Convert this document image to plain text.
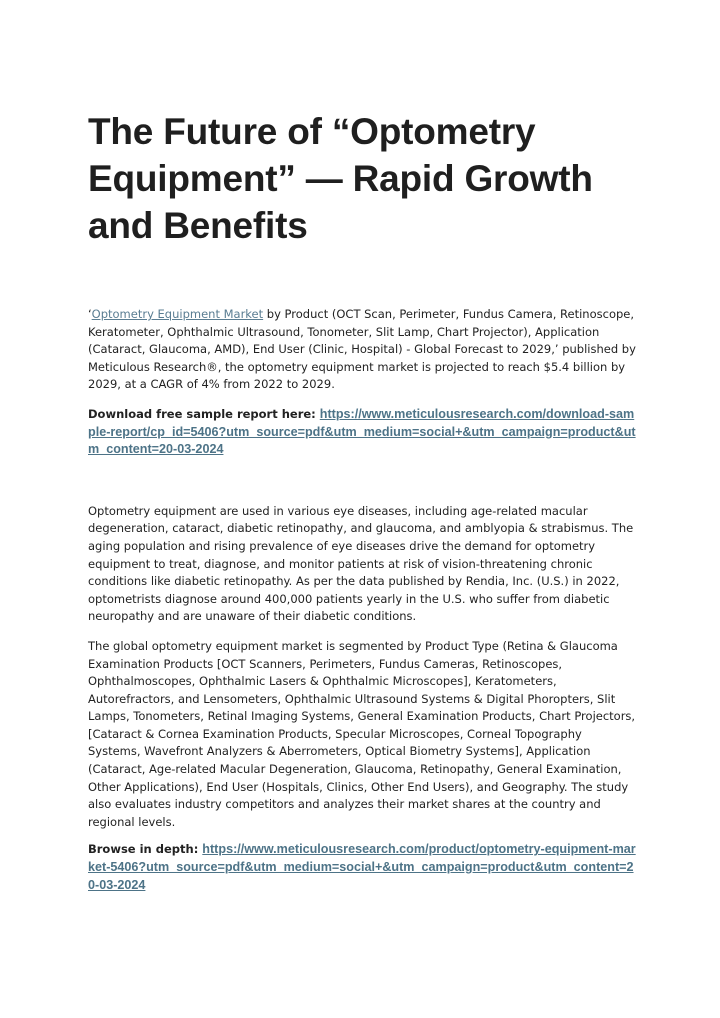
The Future of “Optometry Equipment” — Rapid Growth and Benefits

‘Optometry Equipment Market by Product (OCT Scan, Perimeter, Fundus Camera, Retinoscope, Keratometer, Ophthalmic Ultrasound, Tonometer, Slit Lamp, Chart Projector), Application (Cataract, Glaucoma, AMD), End User (Clinic, Hospital) - Global Forecast to 2029,’ published by Meticulous Research®, the optometry equipment market is projected to reach $5.4 billion by 2029, at a CAGR of 4% from 2022 to 2029.

Download free sample report here: https://www.meticulousresearch.com/download-sample-report/cp_id=5406?utm_source=pdf&utm_medium=social+&utm_campaign=product&utm_content=20-03-2024

Optometry equipment are used in various eye diseases, including age-related macular degeneration, cataract, diabetic retinopathy, and glaucoma, and amblyopia & strabismus. The aging population and rising prevalence of eye diseases drive the demand for optometry equipment to treat, diagnose, and monitor patients at risk of vision-threatening chronic conditions like diabetic retinopathy. As per the data published by Rendia, Inc. (U.S.) in 2022, optometrists diagnose around 400,000 patients yearly in the U.S. who suffer from diabetic neuropathy and are unaware of their diabetic conditions.

The global optometry equipment market is segmented by Product Type (Retina & Glaucoma Examination Products [OCT Scanners, Perimeters, Fundus Cameras, Retinoscopes, Ophthalmoscopes, Ophthalmic Lasers & Ophthalmic Microscopes], Keratometers, Autorefractors, and Lensometers, Ophthalmic Ultrasound Systems & Digital Phoropters, Slit Lamps, Tonometers, Retinal Imaging Systems, General Examination Products, Chart Projectors, [Cataract & Cornea Examination Products, Specular Microscopes, Corneal Topography Systems, Wavefront Analyzers & Aberrometers, Optical Biometry Systems], Application (Cataract, Age-related Macular Degeneration, Glaucoma, Retinopathy, General Examination, Other Applications), End User (Hospitals, Clinics, Other End Users), and Geography. The study also evaluates industry competitors and analyzes their market shares at the country and regional levels.

Browse in depth: https://www.meticulousresearch.com/product/optometry-equipment-market-5406?utm_source=pdf&utm_medium=social+&utm_campaign=product&utm_content=20-03-2024
